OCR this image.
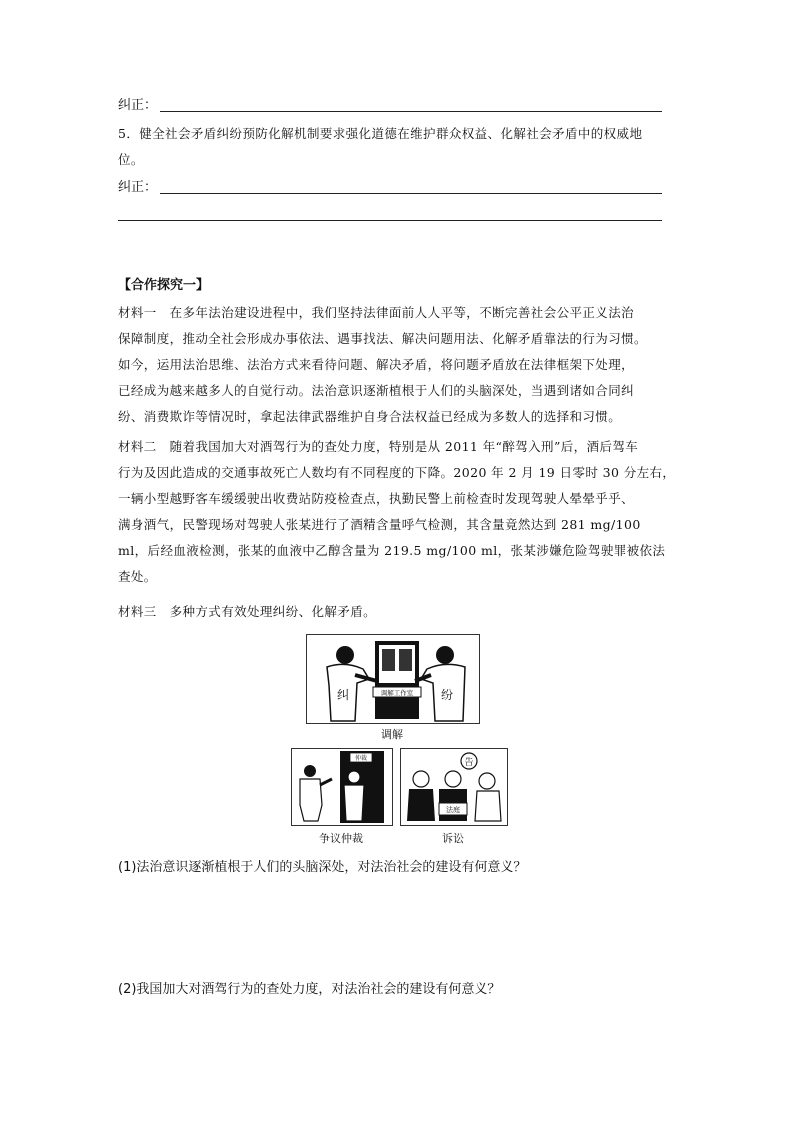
纠正：
5．健全社会矛盾纠纷预防化解机制要求强化道德在维护群众权益、化解社会矛盾中的权威地
位。
纠正：
【合作探究一】
材料一　在多年法治建设进程中，我们坚持法律面前人人平等，不断完善社会公平正义法治
保障制度，推动全社会形成办事依法、遇事找法、解决问题用法、化解矛盾靠法的行为习惯。
如今，运用法治思维、法治方式来看待问题、解决矛盾，将问题矛盾放在法律框架下处理，
已经成为越来越多人的自觉行动。法治意识逐渐植根于人们的头脑深处，当遇到诸如合同纠
纷、消费欺诈等情况时，拿起法律武器维护自身合法权益已经成为多数人的选择和习惯。
材料二　随着我国加大对酒驾行为的查处力度，特别是从 2011 年“醉驾入刑”后，酒后驾车
行为及因此造成的交通事故死亡人数均有不同程度的下降。2020 年 2 月 19 日零时 30 分左右，
一辆小型越野客车缓缓驶出收费站防疫检查点，执勤民警上前检查时发现驾驶人晕晕乎乎、
满身酒气，民警现场对驾驶人张某进行了酒精含量呼气检测，其含量竟然达到 281 mg/100
ml，后经血液检测，张某的血液中乙醇含量为 219.5 mg/100 ml，张某涉嫌危险驾驶罪被依法
查处。
材料三　多种方式有效处理纠纷、化解矛盾。
调解工作室
纠	纷
调解
仲裁
争议仲裁
告
法庭
诉讼
(1)法治意识逐渐植根于人们的头脑深处，对法治社会的建设有何意义？
(2)我国加大对酒驾行为的查处力度，对法治社会的建设有何意义？
